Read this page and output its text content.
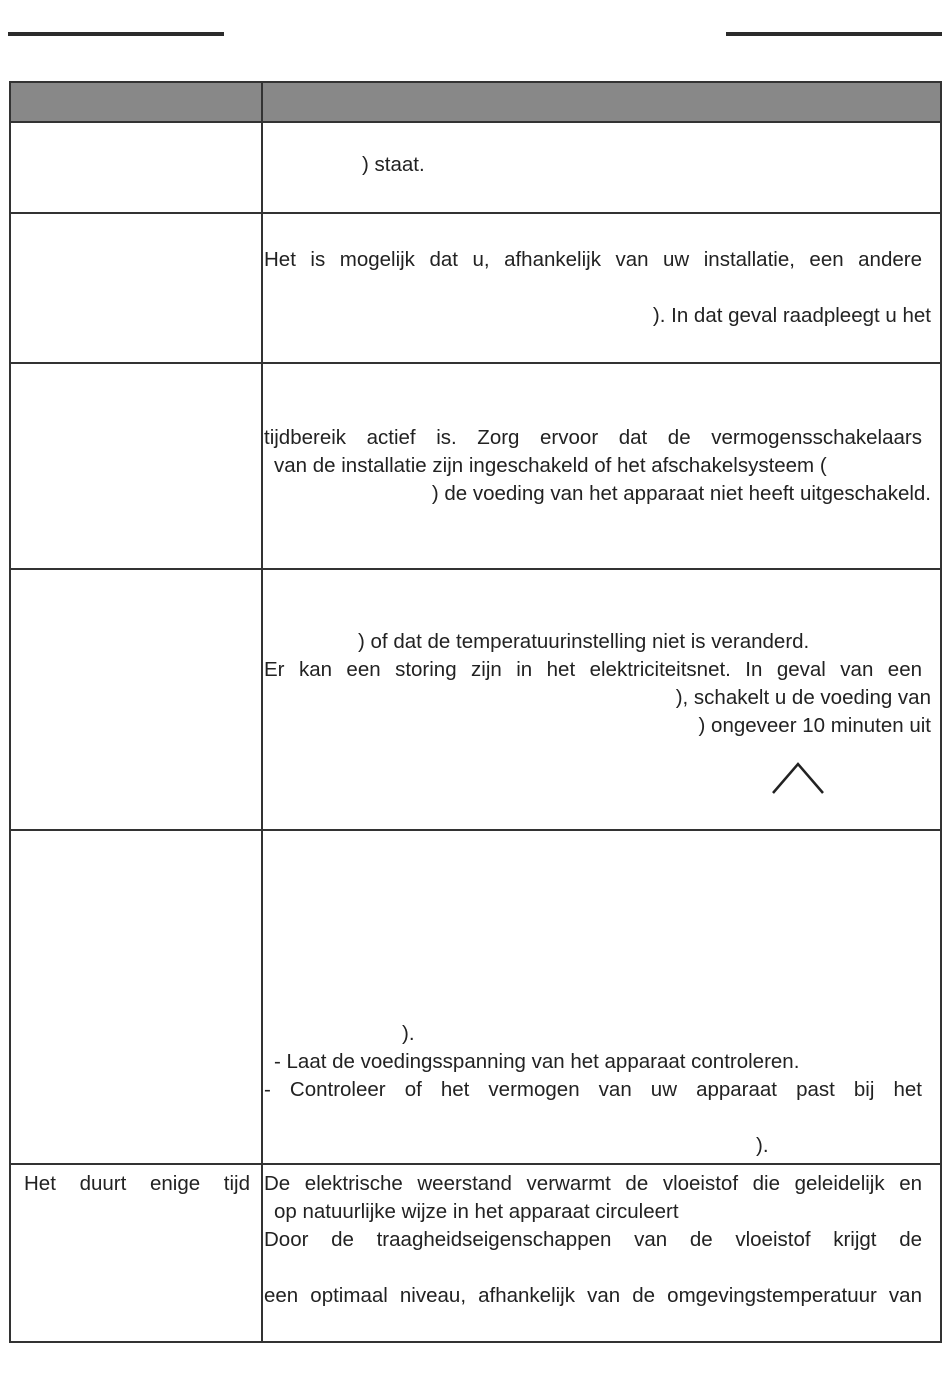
) staat.
Het is mogelijk dat u, afhankelijk van uw installatie, een andere
). In dat geval raadpleegt u het
tijdbereik actief is. Zorg ervoor dat de vermogensschakelaars
van de installatie zijn ingeschakeld of het afschakelsysteem (
) de voeding van het apparaat niet heeft uitgeschakeld.
) of dat de temperatuurinstelling niet is veranderd.
Er kan een storing zijn in het elektriciteitsnet. In geval van een
), schakelt u de voeding van
) ongeveer 10 minuten uit
).
- Laat de voedingsspanning van het apparaat controleren.
- Controleer of het vermogen van uw apparaat past bij het
).
Het duurt enige tijd De elektrische weerstand verwarmt de vloeistof die geleidelijk en
op natuurlijke wijze in het apparaat circuleert
Door de traagheidseigenschappen van de vloeistof krijgt de
een optimaal niveau, afhankelijk van de omgevingstemperatuur van
